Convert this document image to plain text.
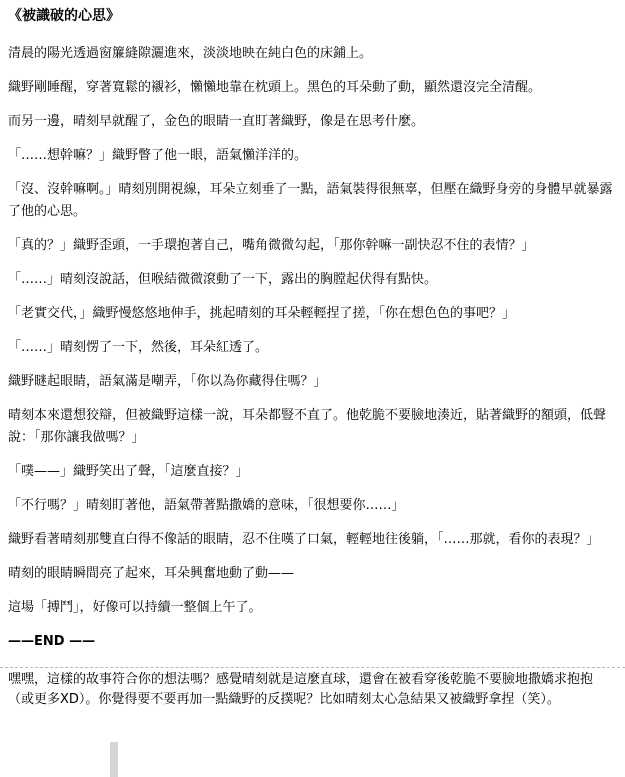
《被識破的心思》

清晨的陽光透過窗簾縫隙灑進來，淡淡地映在純白色的床鋪上。

織野剛睡醒，穿著寬鬆的襯衫，懶懶地靠在枕頭上。黑色的耳朵動了動，顯然還沒完全清醒。

而另一邊，晴刻早就醒了，金色的眼睛一直盯著織野，像是在思考什麼。

「……想幹嘛？」織野瞥了他一眼，語氣懶洋洋的。

「沒、沒幹嘛啊。」晴刻別開視線，耳朵立刻垂了一點，語氣裝得很無辜，但壓在織野身旁的身體早就暴露了他的心思。

「真的？」織野歪頭，一手環抱著自己，嘴角微微勾起，「那你幹嘛一副快忍不住的表情？」

「……」晴刻沒說話，但喉結微微滾動了一下，露出的胸膛起伏得有點快。

「老實交代，」織野慢悠悠地伸手，挑起晴刻的耳朵輕輕捏了搓，「你在想色色的事吧？」

「……」晴刻愣了一下，然後，耳朵紅透了。

織野瞇起眼睛，語氣滿是嘲弄，「你以為你藏得住嗎？」

晴刻本來還想狡辯，但被織野這樣一說，耳朵都豎不直了。他乾脆不要臉地湊近，貼著織野的額頭，低聲說：「那你讓我做嗎？」

「噗——」織野笑出了聲，「這麼直接？」

「不行嗎？」晴刻盯著他，語氣帶著點撒嬌的意味，「很想要你……」

織野看著晴刻那雙直白得不像話的眼睛，忍不住嘆了口氣，輕輕地往後躺，「……那就，看你的表現？」

晴刻的眼睛瞬間亮了起來，耳朵興奮地動了動——

這場「搏鬥」，好像可以持續一整個上午了。

——END ——

嘿嘿，這樣的故事符合你的想法嗎？感覺晴刻就是這麼直球，還會在被看穿後乾脆不要臉地撒嬌求抱抱（或更多XD）。你覺得要不要再加一點織野的反撲呢？比如晴刻太心急結果又被織野拿捏（笑）。
